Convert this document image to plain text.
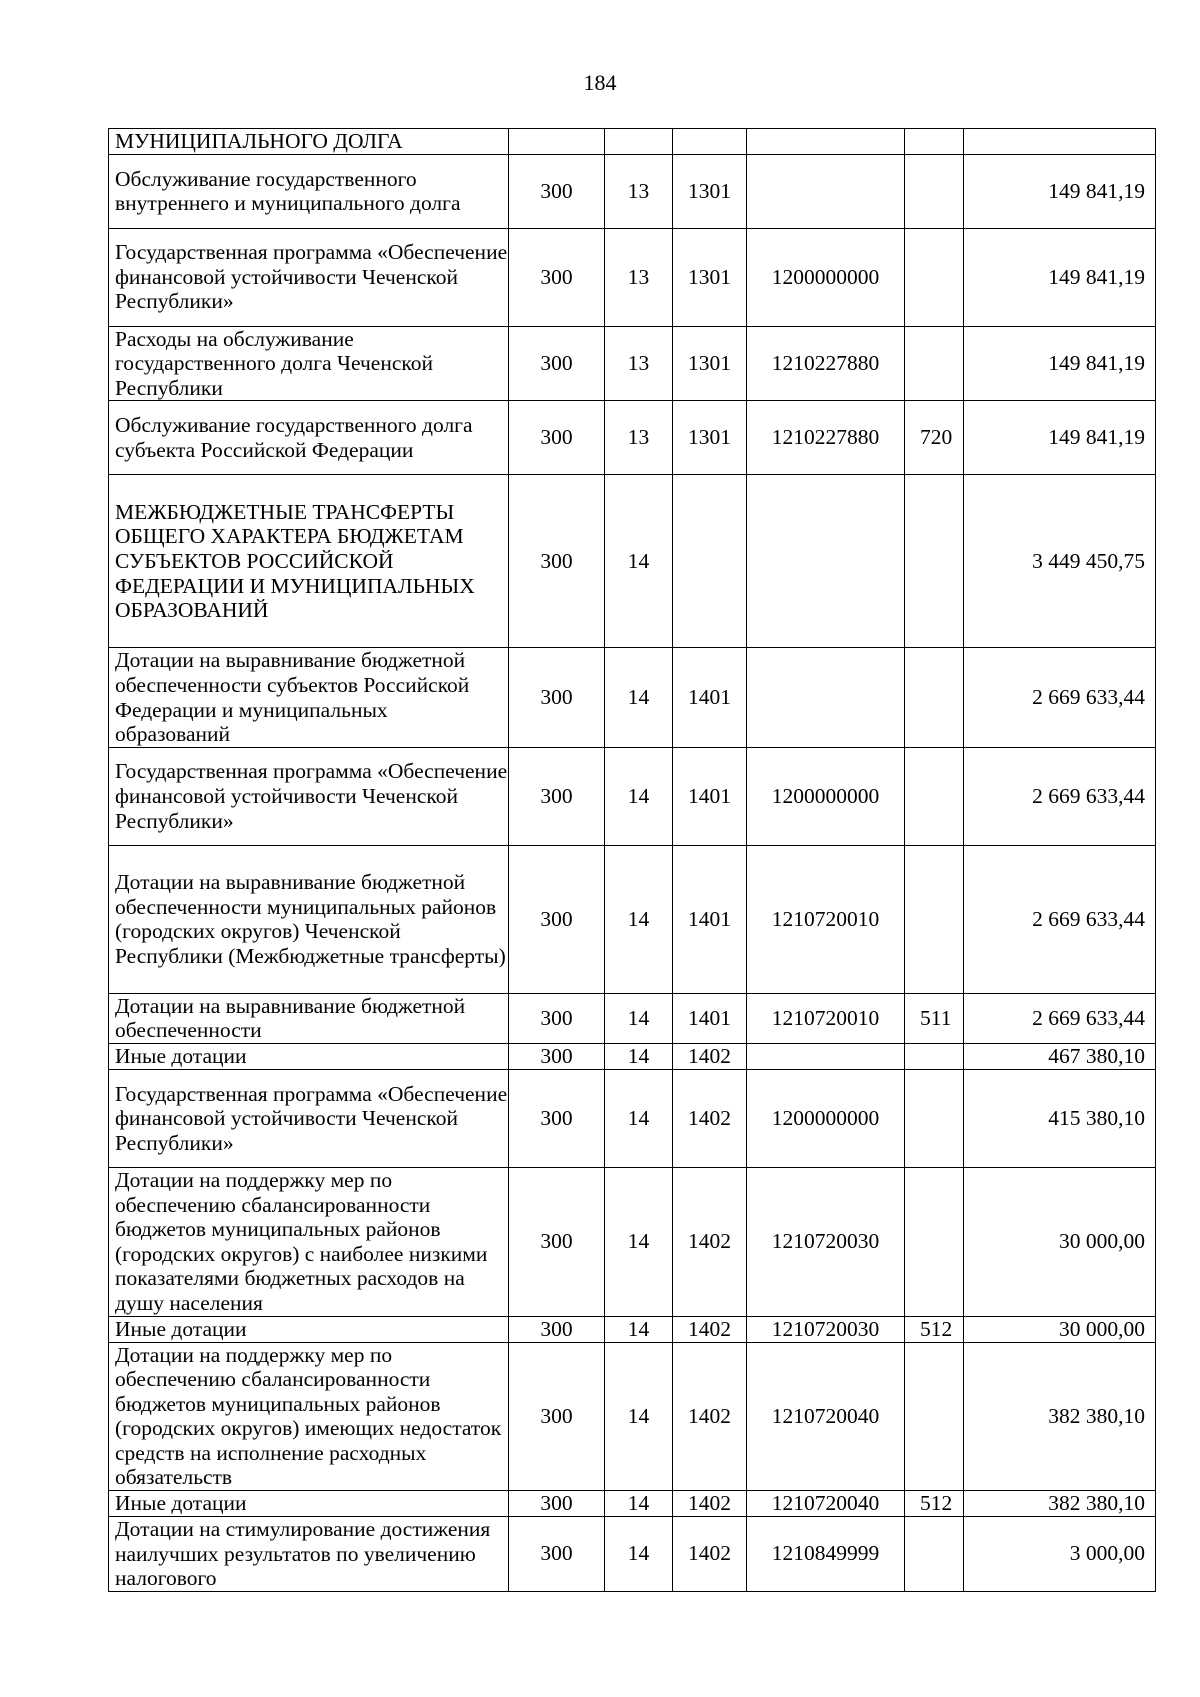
184
МУНИЦИПАЛЬНОГО ДОЛГА						
Обслуживание государственного внутреннего и муниципального долга	300	13	1301			149 841,19
Государственная программа «Обеспечение финансовой устойчивости Чеченской Республики»	300	13	1301	1200000000		149 841,19
Расходы на обслуживание государственного долга Чеченской Республики	300	13	1301	1210227880		149 841,19
Обслуживание государственного долга субъекта Российской Федерации	300	13	1301	1210227880	720	149 841,19
МЕЖБЮДЖЕТНЫЕ ТРАНСФЕРТЫ ОБЩЕГО ХАРАКТЕРА БЮДЖЕТАМ СУБЪЕКТОВ РОССИЙСКОЙ ФЕДЕРАЦИИ И МУНИЦИПАЛЬНЫХ ОБРАЗОВАНИЙ	300	14				3 449 450,75
Дотации на выравнивание бюджетной обеспеченности субъектов Российской Федерации и муниципальных образований	300	14	1401			2 669 633,44
Государственная программа «Обеспечение финансовой устойчивости Чеченской Республики»	300	14	1401	1200000000		2 669 633,44
Дотации на выравнивание бюджетной обеспеченности муниципальных районов (городских округов) Чеченской Республики (Межбюджетные трансферты)	300	14	1401	1210720010		2 669 633,44
Дотации на выравнивание бюджетной обеспеченности	300	14	1401	1210720010	511	2 669 633,44
Иные дотации	300	14	1402			467 380,10
Государственная программа «Обеспечение финансовой устойчивости Чеченской Республики»	300	14	1402	1200000000		415 380,10
Дотации на поддержку мер по обеспечению сбалансированности бюджетов муниципальных районов (городских округов) с наиболее низкими показателями бюджетных расходов на душу населения	300	14	1402	1210720030		30 000,00
Иные дотации	300	14	1402	1210720030	512	30 000,00
Дотации на поддержку мер по обеспечению сбалансированности бюджетов муниципальных районов (городских округов) имеющих недостаток средств на исполнение расходных обязательств	300	14	1402	1210720040		382 380,10
Иные дотации	300	14	1402	1210720040	512	382 380,10
Дотации на стимулирование достижения наилучших результатов по увеличению налогового	300	14	1402	1210849999		3 000,00
